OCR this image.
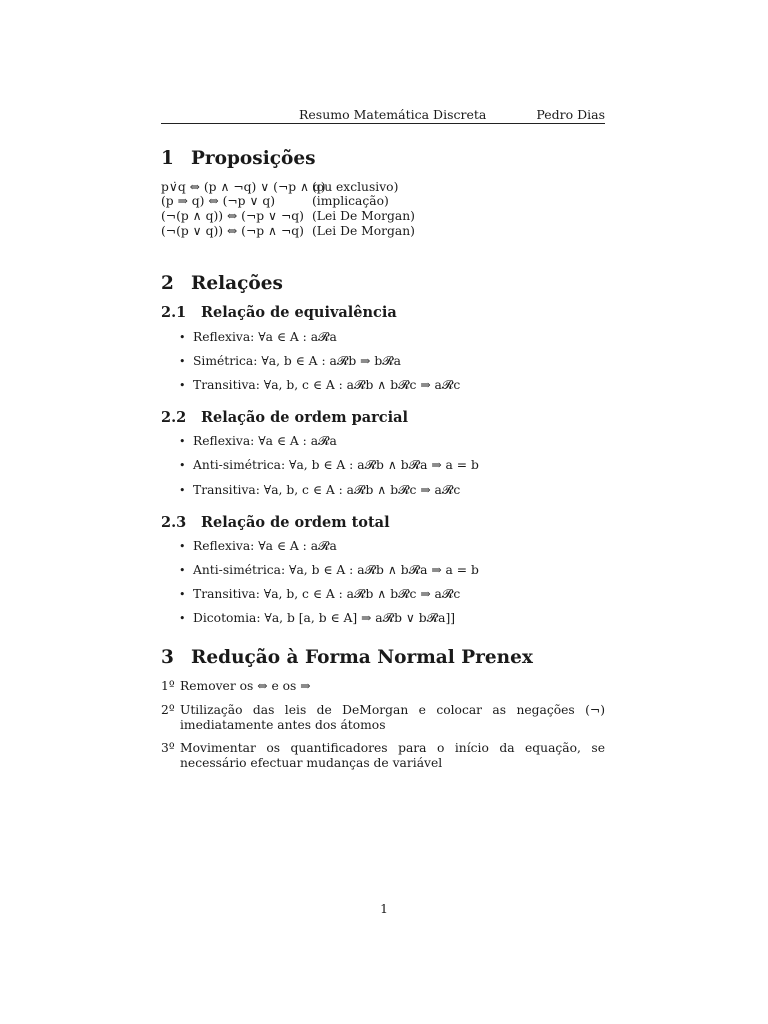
Resumo Matemática Discreta	Pedro Dias
1 Proposições
p∨̇q ⇔ (p ∧ ¬q) ∨ (¬p ∧ q)
(ou exclusivo)
(p ⇒ q) ⇔ (¬p ∨ q)	(implicação)
(¬(p ∧ q)) ⇔ (¬p ∨ ¬q) (Lei De Morgan)
(¬(p ∨ q)) ⇔ (¬p ∧ ¬q) (Lei De Morgan)
2 Relações
2.1 Relação de equivalência
• Reflexiva: ∀a ∈ A : a𝓡a
• Simétrica: ∀a, b ∈ A : a𝓡b ⇒ b𝓡a
• Transitiva: ∀a, b, c ∈ A : a𝓡b ∧ b𝓡c ⇒ a𝓡c
2.2 Relação de ordem parcial
• Reflexiva: ∀a ∈ A : a𝓡a
• Anti-simétrica: ∀a, b ∈ A : a𝓡b ∧ b𝓡a ⇒ a = b
• Transitiva: ∀a, b, c ∈ A : a𝓡b ∧ b𝓡c ⇒ a𝓡c
2.3 Relação de ordem total
• Reflexiva: ∀a ∈ A : a𝓡a
• Anti-simétrica: ∀a, b ∈ A : a𝓡b ∧ b𝓡a ⇒ a = b
• Transitiva: ∀a, b, c ∈ A : a𝓡b ∧ b𝓡c ⇒ a𝓡c
• Dicotomia: ∀a, b [a, b ∈ A] ⇒ a𝓡b ∨ b𝓡a]]
3 Redução à Forma Normal Prenex
1º Remover os ⇔ e os ⇒
2º Utilização das leis de DeMorgan e colocar as negações (¬) imediatamente antes dos átomos
3º Movimentar os quantificadores para o início da equação, se necessário efectuar mudanças de variável
1
